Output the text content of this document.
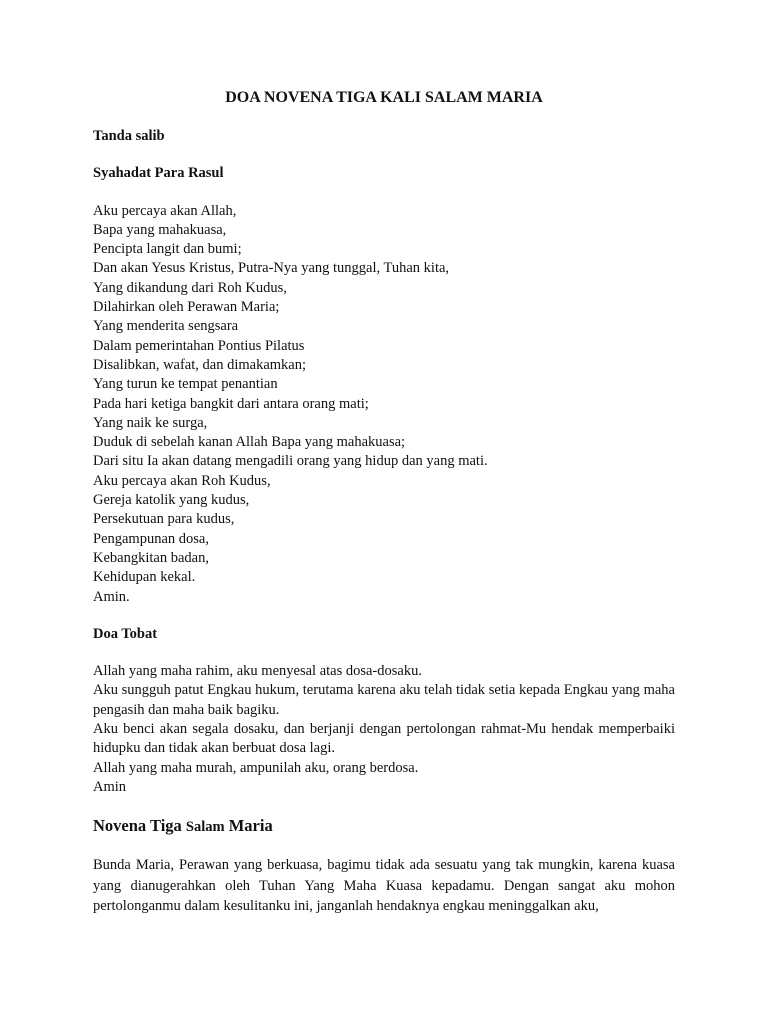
DOA NOVENA TIGA KALI SALAM MARIA
Tanda salib
Syahadat Para Rasul
Aku percaya akan Allah,
Bapa yang mahakuasa,
Pencipta langit dan bumi;
Dan akan Yesus Kristus, Putra-Nya yang tunggal, Tuhan kita,
Yang dikandung dari Roh Kudus,
Dilahirkan oleh Perawan Maria;
Yang menderita sengsara
Dalam pemerintahan Pontius Pilatus
Disalibkan, wafat, dan dimakamkan;
Yang turun ke tempat penantian
Pada hari ketiga bangkit dari antara orang mati;
Yang naik ke surga,
Duduk di sebelah kanan Allah Bapa yang mahakuasa;
Dari situ Ia akan datang mengadili orang yang hidup dan yang mati.
Aku percaya akan Roh Kudus,
Gereja katolik yang kudus,
Persekutuan para kudus,
Pengampunan dosa,
Kebangkitan badan,
Kehidupan kekal.
Amin.
Doa Tobat
Allah yang maha rahim, aku menyesal atas dosa-dosaku.
Aku sungguh patut Engkau hukum, terutama karena aku telah tidak setia kepada Engkau yang maha pengasih dan maha baik bagiku.
Aku benci akan segala dosaku, dan berjanji dengan pertolongan rahmat-Mu hendak memperbaiki hidupku dan tidak akan berbuat dosa lagi.
Allah yang maha murah, ampunilah aku, orang berdosa.
Amin
Novena Tiga Salam Maria
Bunda Maria, Perawan yang berkuasa, bagimu tidak ada sesuatu yang tak mungkin, karena kuasa yang dianugerahkan oleh Tuhan Yang Maha Kuasa kepadamu. Dengan sangat aku mohon pertolonganmu dalam kesulitanku ini, janganlah hendaknya engkau meninggalkan aku,
